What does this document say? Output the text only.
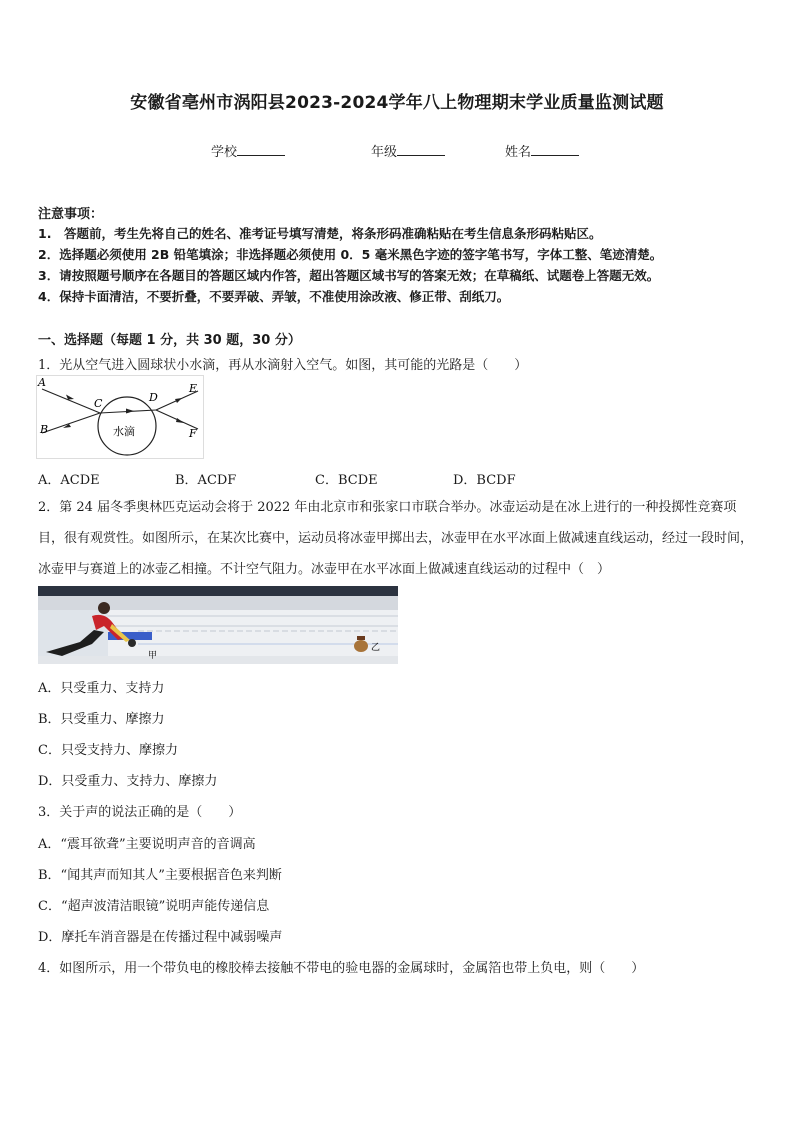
安徽省亳州市涡阳县2023-2024学年八上物理期末学业质量监测试题
学校	年级	姓名
注意事项：
1.　答题前，考生先将自己的姓名、准考证号填写清楚，将条形码准确粘贴在考生信息条形码粘贴区。
2．选择题必须使用 2B 铅笔填涂；非选择题必须使用 0．5 毫米黑色字迹的签字笔书写，字体工整、笔迹清楚。
3．请按照题号顺序在各题目的答题区域内作答，超出答题区域书写的答案无效；在草稿纸、试题卷上答题无效。
4．保持卡面清洁，不要折叠，不要弄破、弄皱，不准使用涂改液、修正带、刮纸刀。
一、选择题（每题 1 分，共 30 题，30 分）
1．光从空气进入圆球状小水滴，再从水滴射入空气。如图，其可能的光路是（　　）
A
B
C	D
E
F
水滴
A．ACDE	B．ACDF	C．BCDE	D．BCDF
2．第 24 届冬季奥林匹克运动会将于 2022 年由北京市和张家口市联合举办。冰壶运动是在冰上进行的一种投掷性竞赛项目，很有观赏性。如图所示，在某次比赛中，运动员将冰壶甲掷出去，冰壶甲在水平冰面上做减速直线运动，经过一段时间，冰壶甲与赛道上的冰壶乙相撞。不计空气阻力。冰壶甲在水平冰面上做减速直线运动的过程中（　）
甲
乙
A．只受重力、支持力
B．只受重力、摩擦力
C．只受支持力、摩擦力
D．只受重力、支持力、摩擦力
3．关于声的说法正确的是（　　）
A．“震耳欲聋”主要说明声音的音调高
B．“闻其声而知其人”主要根据音色来判断
C．“超声波清洁眼镜”说明声能传递信息
D．摩托车消音器是在传播过程中减弱噪声
4．如图所示，用一个带负电的橡胶棒去接触不带电的验电器的金属球时，金属箔也带上负电，则（　　）
